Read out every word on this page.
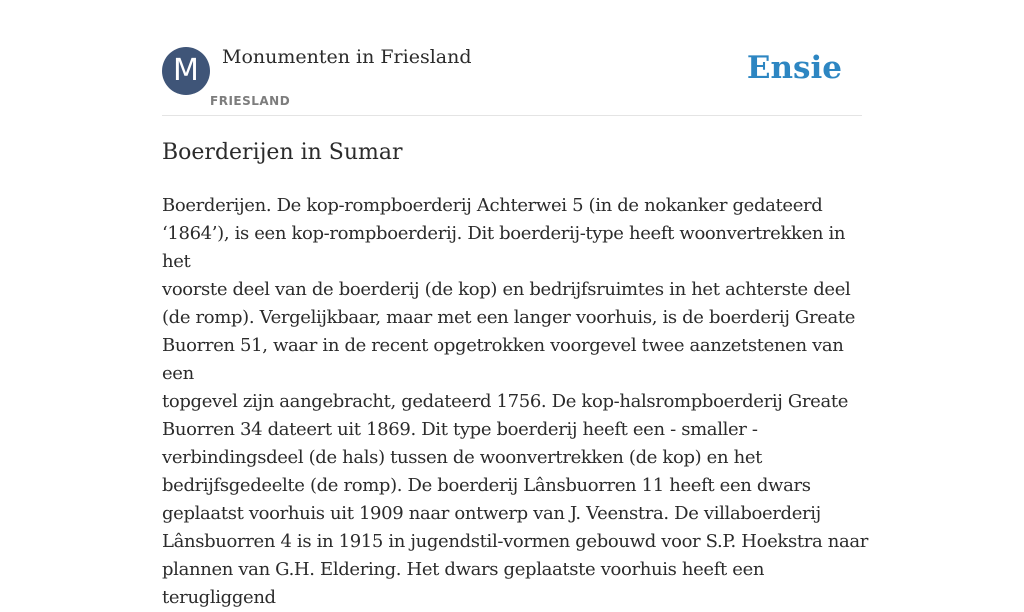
M	Monumenten in Friesland
FRIESLAND
Ensie
Boerderijen in Sumar

Boerderijen. De kop-rompboerderij Achterwei 5 (in de nokanker gedateerd
‘1864’), is een kop-rompboerderij. Dit boerderij-type heeft woonvertrekken in het
voorste deel van de boerderij (de kop) en bedrijfsruimtes in het achterste deel
(de romp). Vergelijkbaar, maar met een langer voorhuis, is de boerderij Greate
Buorren 51, waar in de recent opgetrokken voorgevel twee aanzetstenen van een
topgevel zijn aangebracht, gedateerd 1756. De kop-halsrompboerderij Greate
Buorren 34 dateert uit 1869. Dit type boerderij heeft een - smaller -
verbindingsdeel (de hals) tussen de woonvertrekken (de kop) en het
bedrijfsgedeelte (de romp). De boerderij Lânsbuorren 11 heeft een dwars
geplaatst voorhuis uit 1909 naar ontwerp van J. Veenstra. De villaboerderij
Lânsbuorren 4 is in 1915 in jugendstil-vormen gebouwd voor S.P. Hoekstra naar
plannen van G.H. Eldering. Het dwars geplaatste voorhuis heeft een terugliggend
